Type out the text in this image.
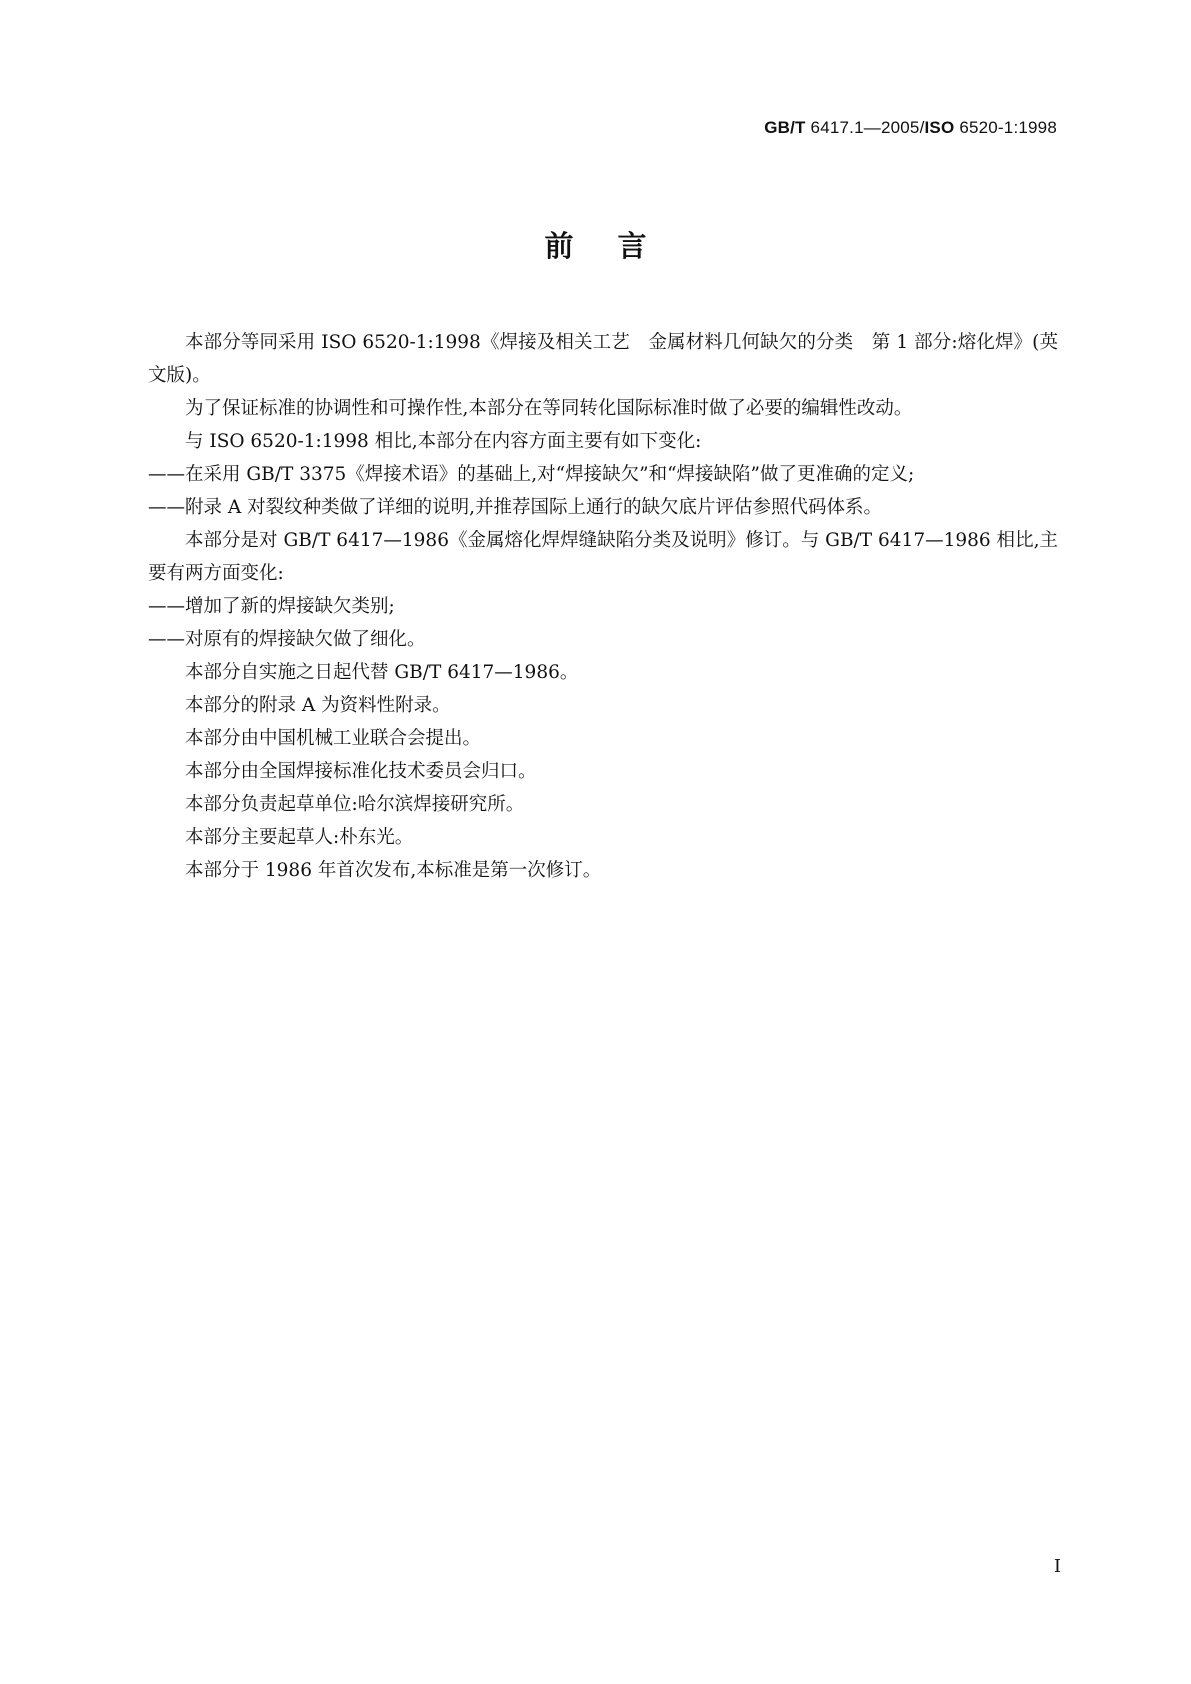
GB/T 6417.1—2005/ISO 6520-1:1998
前言

本部分等同采用 ISO 6520-1:1998《焊接及相关工艺　金属材料几何缺欠的分类　第 1 部分:熔化焊》(英文版)。

为了保证标准的协调性和可操作性,本部分在等同转化国际标准时做了必要的编辑性改动。

与 ISO 6520-1:1998 相比,本部分在内容方面主要有如下变化:

——在采用 GB/T 3375《焊接术语》的基础上,对“焊接缺欠”和“焊接缺陷”做了更准确的定义;

——附录 A 对裂纹种类做了详细的说明,并推荐国际上通行的缺欠底片评估参照代码体系。

本部分是对 GB/T 6417—1986《金属熔化焊焊缝缺陷分类及说明》修订。与 GB/T 6417—1986 相比,主要有两方面变化:

——增加了新的焊接缺欠类别;

——对原有的焊接缺欠做了细化。

本部分自实施之日起代替 GB/T 6417—1986。

本部分的附录 A 为资料性附录。

本部分由中国机械工业联合会提出。

本部分由全国焊接标准化技术委员会归口。

本部分负责起草单位:哈尔滨焊接研究所。

本部分主要起草人:朴东光。

本部分于 1986 年首次发布,本标准是第一次修订。

I
